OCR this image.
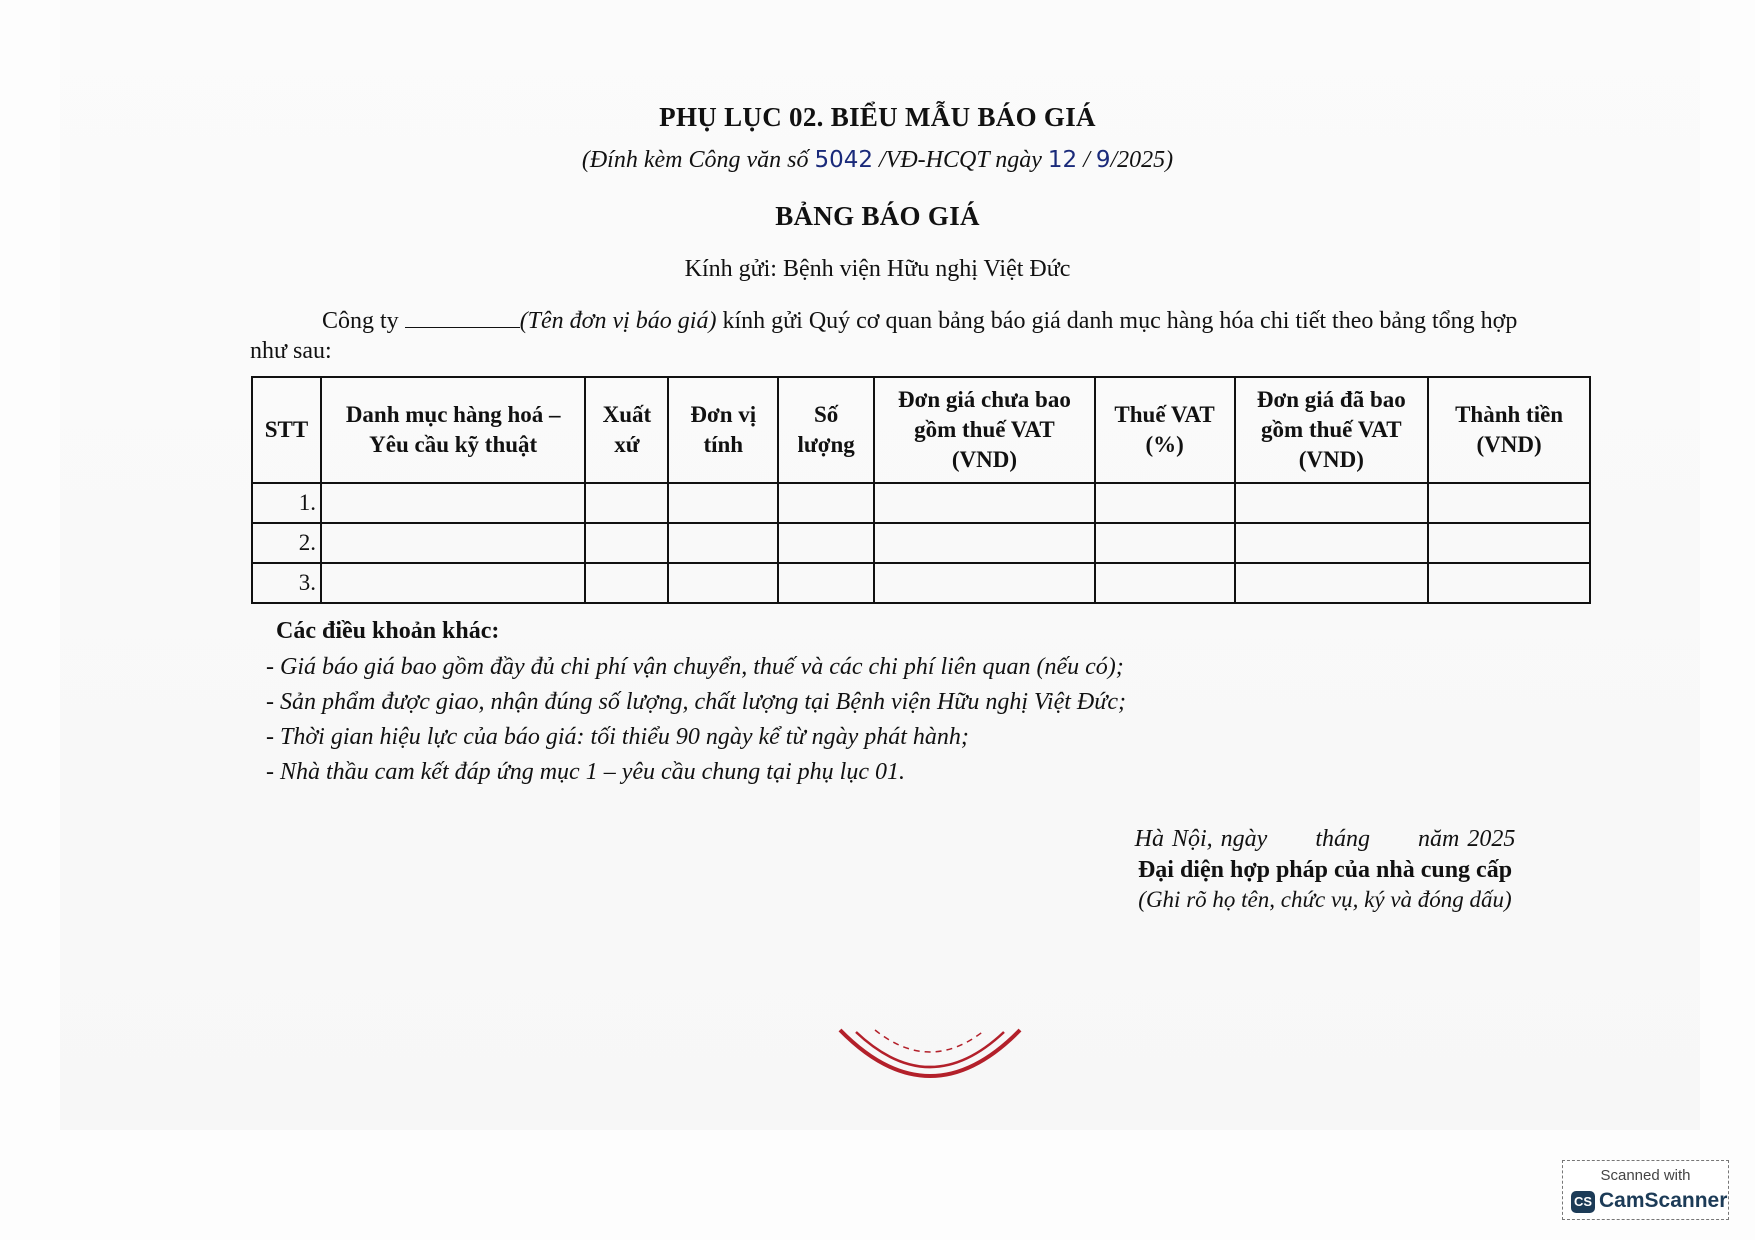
PHỤ LỤC 02. BIỂU MẪU BÁO GIÁ
(Đính kèm Công văn số 5042 /VĐ-HCQT ngày 12 / 9/2025)
BẢNG BÁO GIÁ
Kính gửi: Bệnh viện Hữu nghị Việt Đức
Công ty	(Tên đơn vị báo giá) kính gửi Quý cơ quan bảng báo giá danh mục hàng hóa chi tiết theo bảng tổng hợp
như sau:
STT	Danh mục hàng hoá – Yêu cầu kỹ thuật	Xuất xứ	Đơn vị tính	Số lượng	Đơn giá chưa bao gồm thuế VAT (VND)	Thuế VAT (%)	Đơn giá đã bao gồm thuế VAT (VND)	Thành tiền (VND)
1.								
2.								
3.								
Các điều khoản khác:
- Giá báo giá bao gồm đầy đủ chi phí vận chuyển, thuế và các chi phí liên quan (nếu có);
- Sản phẩm được giao, nhận đúng số lượng, chất lượng tại Bệnh viện Hữu nghị Việt Đức;
- Thời gian hiệu lực của báo giá: tối thiểu 90 ngày kể từ ngày phát hành;
- Nhà thầu cam kết đáp ứng mục 1 – yêu cầu chung tại phụ lục 01.
Hà Nội, ngày      tháng      năm 2025
Đại diện hợp pháp của nhà cung cấp
(Ghi rõ họ tên, chức vụ, ký và đóng dấu)
Scanned with
CS CamScanner
